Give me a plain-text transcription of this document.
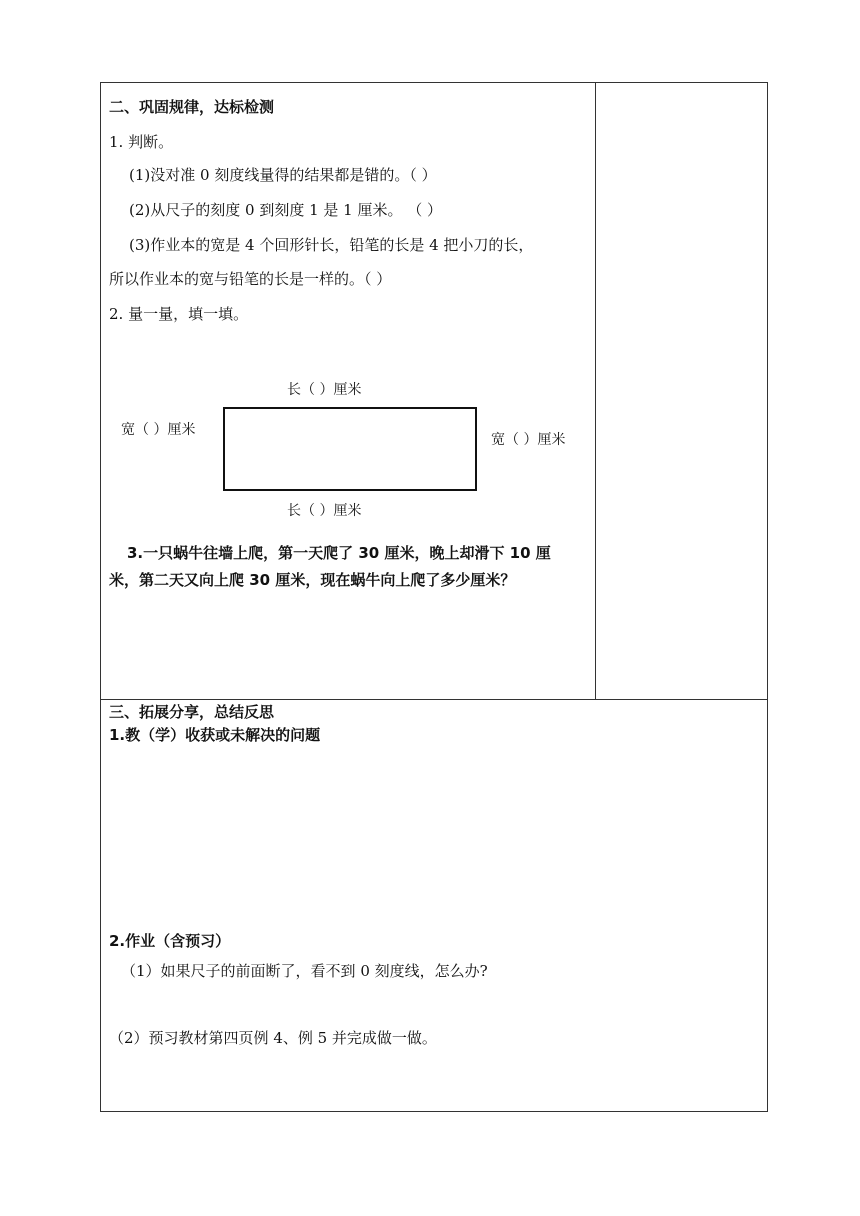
二、巩固规律，达标检测
1. 判断。
(1)没对准 0 刻度线量得的结果都是错的。（ ）
(2)从尺子的刻度 0 到刻度 1 是 1 厘米。 （ ）
(3)作业本的宽是 4 个回形针长，铅笔的长是 4 把小刀的长，
所以作业本的宽与铅笔的长是一样的。（ ）
2. 量一量，填一填。
长（ ）厘米
宽（ ）厘米
宽（ ）厘米
长（ ）厘米
3.一只蜗牛往墙上爬，第一天爬了 30 厘米，晚上却滑下 10 厘
米，第二天又向上爬 30 厘米，现在蜗牛向上爬了多少厘米？
三、拓展分享，总结反思
1.教（学）收获或未解决的问题
2.作业（含预习）
（1）如果尺子的前面断了，看不到 0 刻度线，怎么办?
（2）预习教材第四页例 4、例 5 并完成做一做。
